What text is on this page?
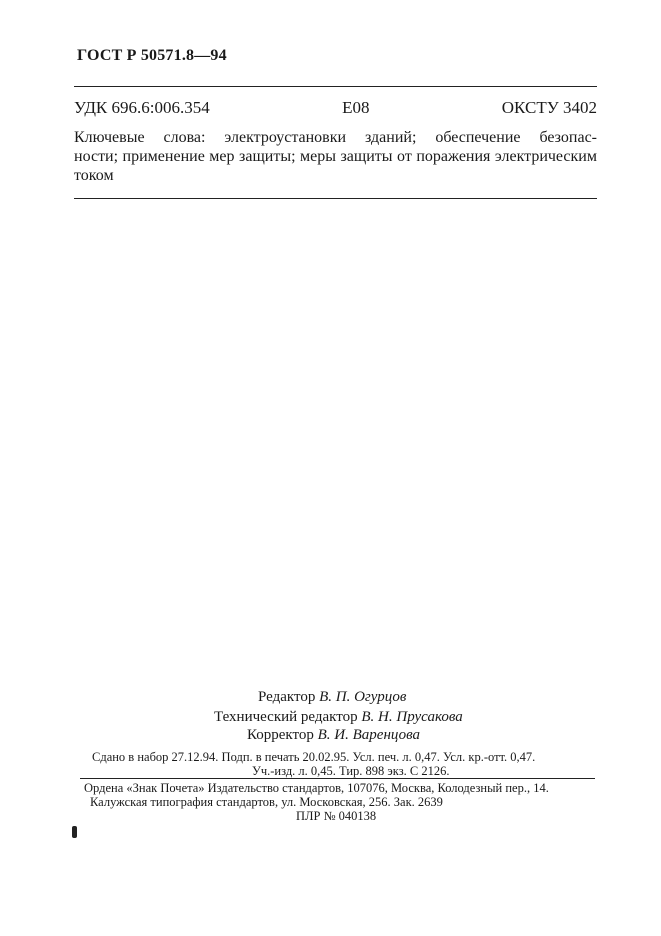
ГОСТ Р 50571.8—94
УДК 696.6:006.354	Е08	ОКСТУ 3402

Ключевые слова: электроустановки зданий; обеспечение безопас-

ности; применение мер защиты; меры защиты от поражения электрическим

током

Редактор В. П. Огурцов
Технический редактор В. Н. Прусакова
Корректор В. И. Варенцова
Сдано в набор 27.12.94. Подп. в печать 20.02.95. Усл. печ. л. 0,47. Усл. кр.-отт. 0,47.
Уч.-изд. л. 0,45. Тир. 898 экз. С 2126.
Ордена «Знак Почета» Издательство стандартов, 107076, Москва, Колодезный пер., 14.
Калужская типография стандартов, ул. Московская, 256. Зак. 2639
ПЛР № 040138
